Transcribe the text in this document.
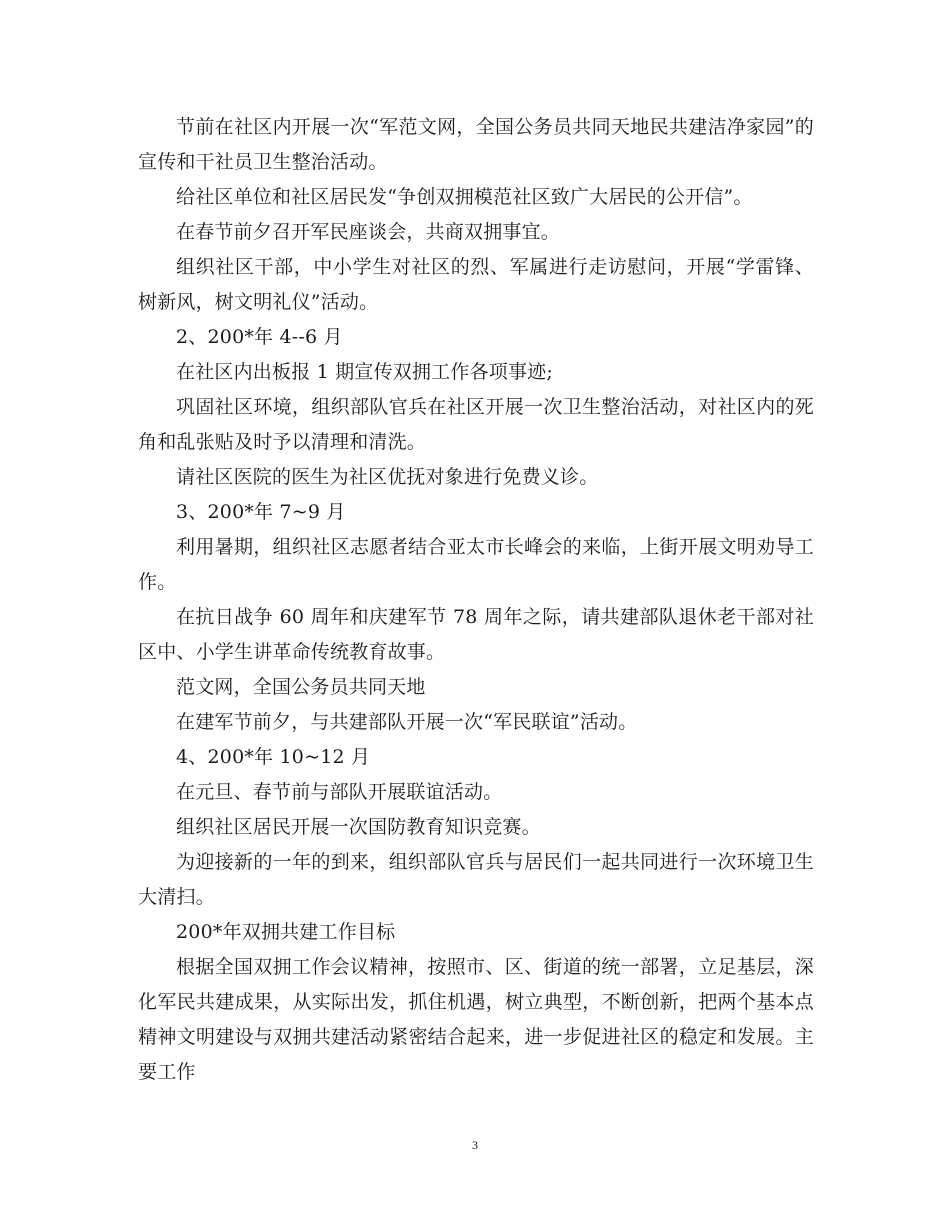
节前在社区内开展一次“军范文网，全国公务员共同天地民共建洁净家园”的宣传和干社员卫生整治活动。

给社区单位和社区居民发“争创双拥模范社区致广大居民的公开信”。

在春节前夕召开军民座谈会，共商双拥事宜。

组织社区干部，中小学生对社区的烈、军属进行走访慰问，开展“学雷锋、树新风，树文明礼仪”活动。

2、200*年 4--6 月

在社区内出板报 1 期宣传双拥工作各项事迹;

巩固社区环境，组织部队官兵在社区开展一次卫生整治活动，对社区内的死角和乱张贴及时予以清理和清洗。

请社区医院的医生为社区优抚对象进行免费义诊。

3、200*年 7~9 月

利用暑期，组织社区志愿者结合亚太市长峰会的来临，上街开展文明劝导工作。

在抗日战争 60 周年和庆建军节 78 周年之际，请共建部队退休老干部对社区中、小学生讲革命传统教育故事。

范文网，全国公务员共同天地

在建军节前夕，与共建部队开展一次“军民联谊”活动。

4、200*年 10~12 月

在元旦、春节前与部队开展联谊活动。

组织社区居民开展一次国防教育知识竞赛。

为迎接新的一年的到来，组织部队官兵与居民们一起共同进行一次环境卫生大清扫。

200*年双拥共建工作目标

根据全国双拥工作会议精神，按照市、区、街道的统一部署，立足基层，深化军民共建成果，从实际出发，抓住机遇，树立典型，不断创新，把两个基本点精神文明建设与双拥共建活动紧密结合起来，进一步促进社区的稳定和发展。主要工作

3
